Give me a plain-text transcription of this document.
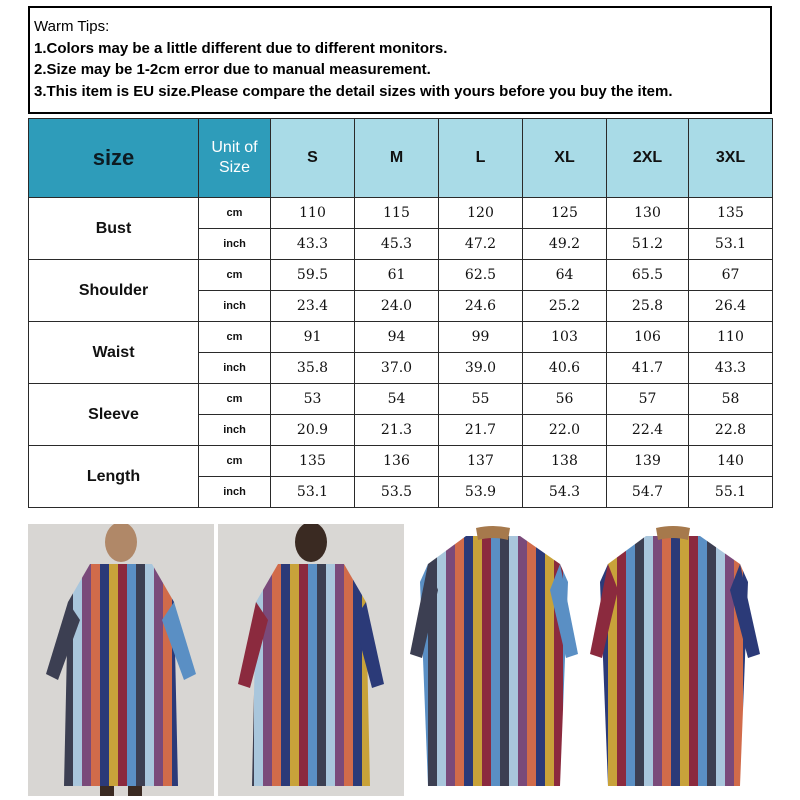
Warm Tips:
1.Colors may be a little different due to different monitors.
2.Size may be 1-2cm error due to manual measurement.
3.This item is EU size.Please compare the detail sizes with yours before you buy the item.
size	Unit of Size	S	M	L	XL	2XL	3XL
Bust	cm	110	115	120	125	130	135
	inch	43.3	45.3	47.2	49.2	51.2	53.1
Shoulder	cm	59.5	61	62.5	64	65.5	67
	inch	23.4	24.0	24.6	25.2	25.8	26.4
Waist	cm	91	94	99	103	106	110
	inch	35.8	37.0	39.0	40.6	41.7	43.3
Sleeve	cm	53	54	55	56	57	58
	inch	20.9	21.3	21.7	22.0	22.4	22.8
Length	cm	135	136	137	138	139	140
	inch	53.1	53.5	53.9	54.3	54.7	55.1
